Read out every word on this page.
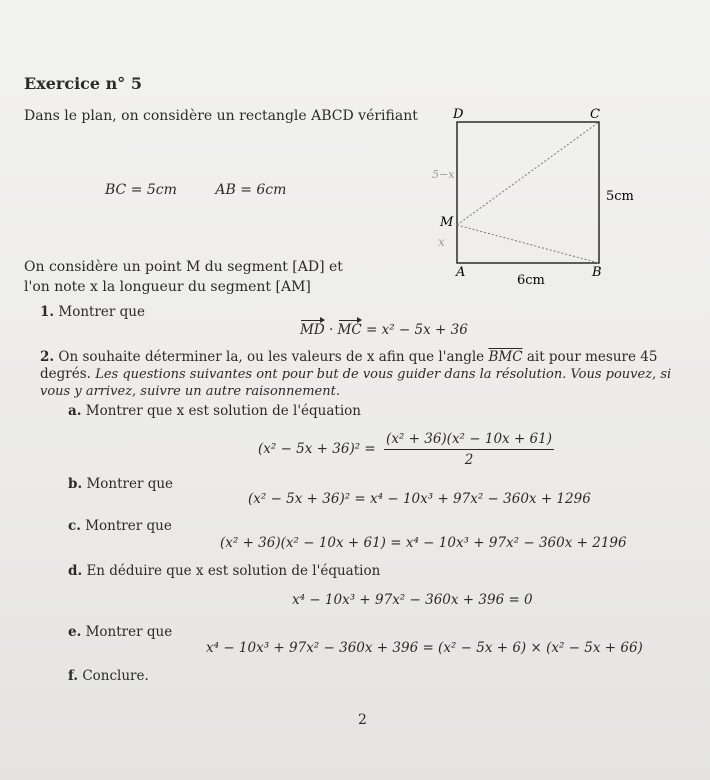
Exercice n° 5
Dans le plan, on considère un rectangle ABCD vérifiant
BC = 5cm	AB = 6cm
On considère un point M du segment [AD] et l'on note x la longueur du segment [AM]
D	C
M
A	B
5cm
6cm
5−x
x
1. Montrer que
MD · MC = x² − 5x + 36
2. On souhaite déterminer la, ou les valeurs de x afin que l'angle $\overline{BMC}$ ait pour mesure 45 degrés. Les questions suivantes ont pour but de vous guider dans la résolution. Vous pouvez, si vous y arrivez, suivre un autre raisonnement.
a. Montrer que x est solution de l'équation
$(x^2 - 5x + 36)^2 = \frac{\text{(x² + 36)(x² − 10x + 61)}}{2}$
b. Montrer que
(x² − 5x + 36)² = x⁴ − 10x³ + 97x² − 360x + 1296
c. Montrer que
(x² + 36)(x² − 10x + 61) = x⁴ − 10x³ + 97x² − 360x + 2196
d. En déduire que x est solution de l'équation
x⁴ − 10x³ + 97x² − 360x + 396 = 0
e. Montrer que
x⁴ − 10x³ + 97x² − 360x + 396 = (x² − 5x + 6) × (x² − 5x + 66)
f. Conclure.
2
